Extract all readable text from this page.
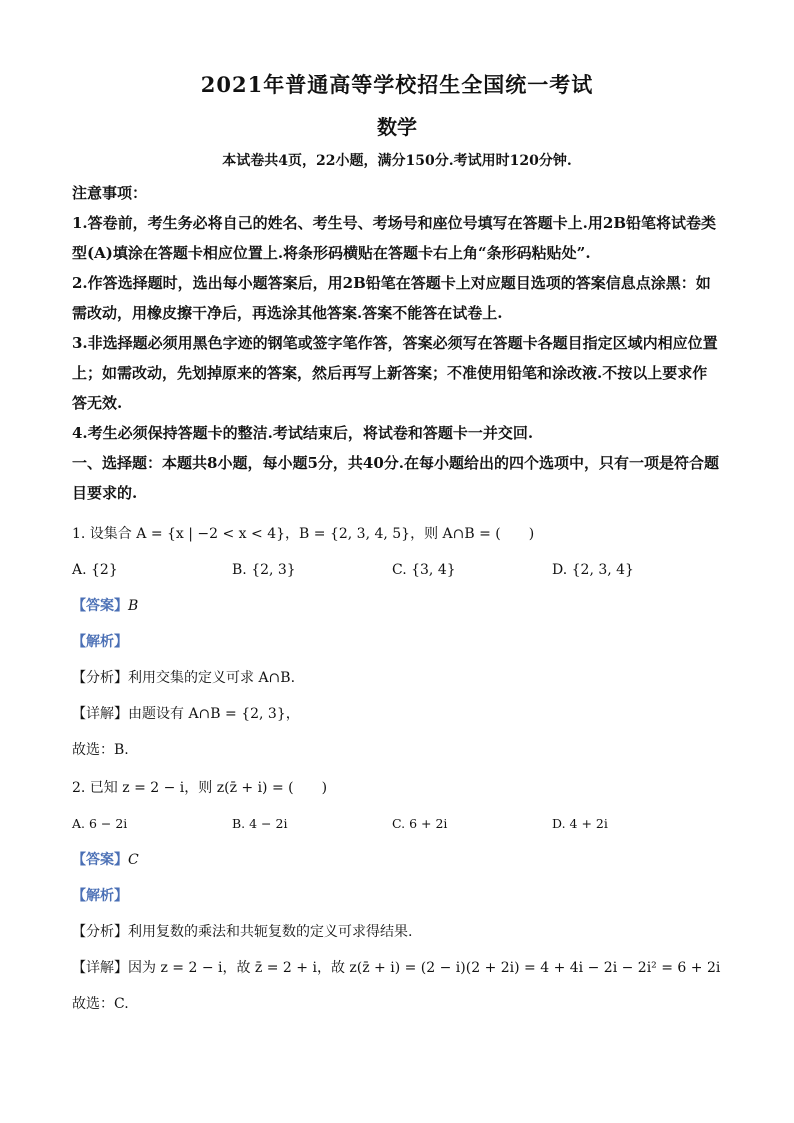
2021年普通高等学校招生全国统一考试
数学
本试卷共4页，22小题，满分150分.考试用时120分钟.
注意事项：
1.答卷前，考生务必将自己的姓名、考生号、考场号和座位号填写在答题卡上.用2B铅笔将试卷类型(A)填涂在答题卡相应位置上.将条形码横贴在答题卡右上角“条形码粘贴处”.
2.作答选择题时，选出每小题答案后，用2B铅笔在答题卡上对应题目选项的答案信息点涂黑：如需改动，用橡皮擦干净后，再选涂其他答案.答案不能答在试卷上.
3.非选择题必须用黑色字迹的钢笔或签字笔作答，答案必须写在答题卡各题目指定区域内相应位置上；如需改动，先划掉原来的答案，然后再写上新答案；不准使用铅笔和涂改液.不按以上要求作答无效.
4.考生必须保持答题卡的整洁.考试结束后，将试卷和答题卡一并交回.
一、选择题：本题共8小题，每小题5分，共40分.在每小题给出的四个选项中，只有一项是符合题目要求的.
1. 设集合 A = {x | −2 < x < 4}，B = {2, 3, 4, 5}，则 A∩B = (　　)
A. {2}	B. {2, 3}	C. {3, 4}	D. {2, 3, 4}
【答案】B
【解析】
【分析】利用交集的定义可求 A∩B.
【详解】由题设有 A∩B = {2, 3}，
故选：B.
2. 已知 z = 2 − i，则 z(z̄ + i) = (　　)
A. 6 − 2i	B. 4 − 2i	C. 6 + 2i	D. 4 + 2i
【答案】C
【解析】
【分析】利用复数的乘法和共轭复数的定义可求得结果.
【详解】因为 z = 2 − i，故 z̄ = 2 + i，故 z(z̄ + i) = (2 − i)(2 + 2i) = 4 + 4i − 2i − 2i² = 6 + 2i
故选：C.
